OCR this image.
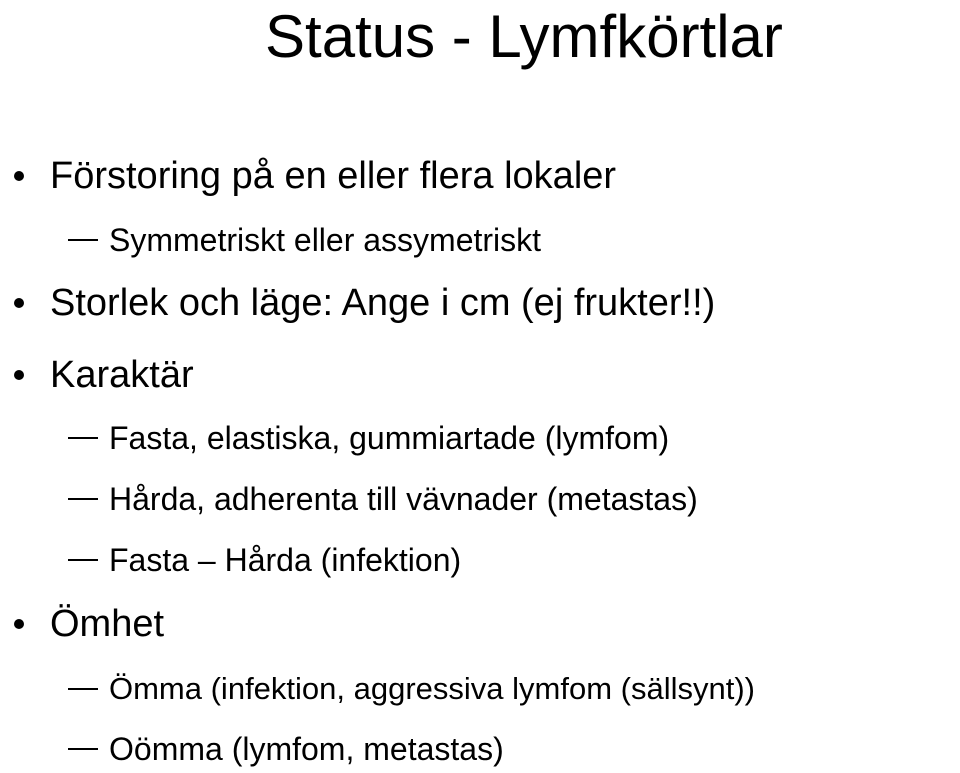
Status - Lymfkörtlar
Förstoring på en eller flera lokaler
Symmetriskt eller assymetriskt
Storlek och läge: Ange i cm (ej frukter!!)
Karaktär
Fasta, elastiska, gummiartade (lymfom)
Hårda, adherenta till vävnader (metastas)
Fasta – Hårda (infektion)
Ömhet
Ömma (infektion, aggressiva lymfom (sällsynt))
Oömma (lymfom, metastas)
